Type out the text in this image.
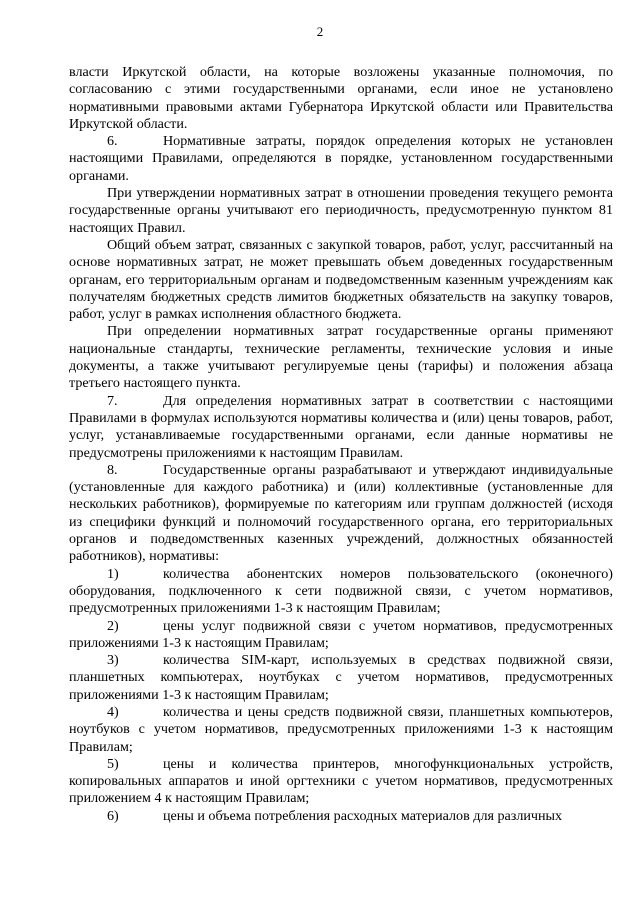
2

власти Иркутской области, на которые возложены указанные полномочия, по согласованию с этими государственными органами, если иное не установлено нормативными правовыми актами Губернатора Иркутской области или Правительства Иркутской области.

6.	Нормативные затраты, порядок определения которых не установлен настоящими Правилами, определяются в порядке, установленном государственными органами.

При утверждении нормативных затрат в отношении проведения текущего ремонта государственные органы учитывают его периодичность, предусмотренную пунктом 81 настоящих Правил.

Общий объем затрат, связанных с закупкой товаров, работ, услуг, рассчитанный на основе нормативных затрат, не может превышать объем доведенных государственным органам, его территориальным органам и подведомственным казенным учреждениям как получателям бюджетных средств лимитов бюджетных обязательств на закупку товаров, работ, услуг в рамках исполнения областного бюджета.

При определении нормативных затрат государственные органы применяют национальные стандарты, технические регламенты, технические условия и иные документы, а также учитывают регулируемые цены (тарифы) и положения абзаца третьего настоящего пункта.

7.	Для определения нормативных затрат в соответствии с настоящими Правилами в формулах используются нормативы количества и (или) цены товаров, работ, услуг, устанавливаемые государственными органами, если данные нормативы не предусмотрены приложениями к настоящим Правилам.

8.	Государственные органы разрабатывают и утверждают индивидуальные (установленные для каждого работника) и (или) коллективные (установленные для нескольких работников), формируемые по категориям или группам должностей (исходя из специфики функций и полномочий государственного органа, его территориальных органов и подведомственных казенных учреждений, должностных обязанностей работников), нормативы:

1)	количества абонентских номеров пользовательского (оконечного) оборудования, подключенного к сети подвижной связи, с учетом нормативов, предусмотренных приложениями 1-3 к настоящим Правилам;

2)	цены услуг подвижной связи с учетом нормативов, предусмотренных приложениями 1-3 к настоящим Правилам;

3)	количества SIM-карт, используемых в средствах подвижной связи, планшетных компьютерах, ноутбуках с учетом нормативов, предусмотренных приложениями 1-3 к настоящим Правилам;

4)	количества и цены средств подвижной связи, планшетных компьютеров, ноутбуков с учетом нормативов, предусмотренных приложениями 1-3 к настоящим Правилам;

5)	цены и количества принтеров, многофункциональных устройств, копировальных аппаратов и иной оргтехники с учетом нормативов, предусмотренных приложением 4 к настоящим Правилам;

6)	цены и объема потребления расходных материалов для различных
